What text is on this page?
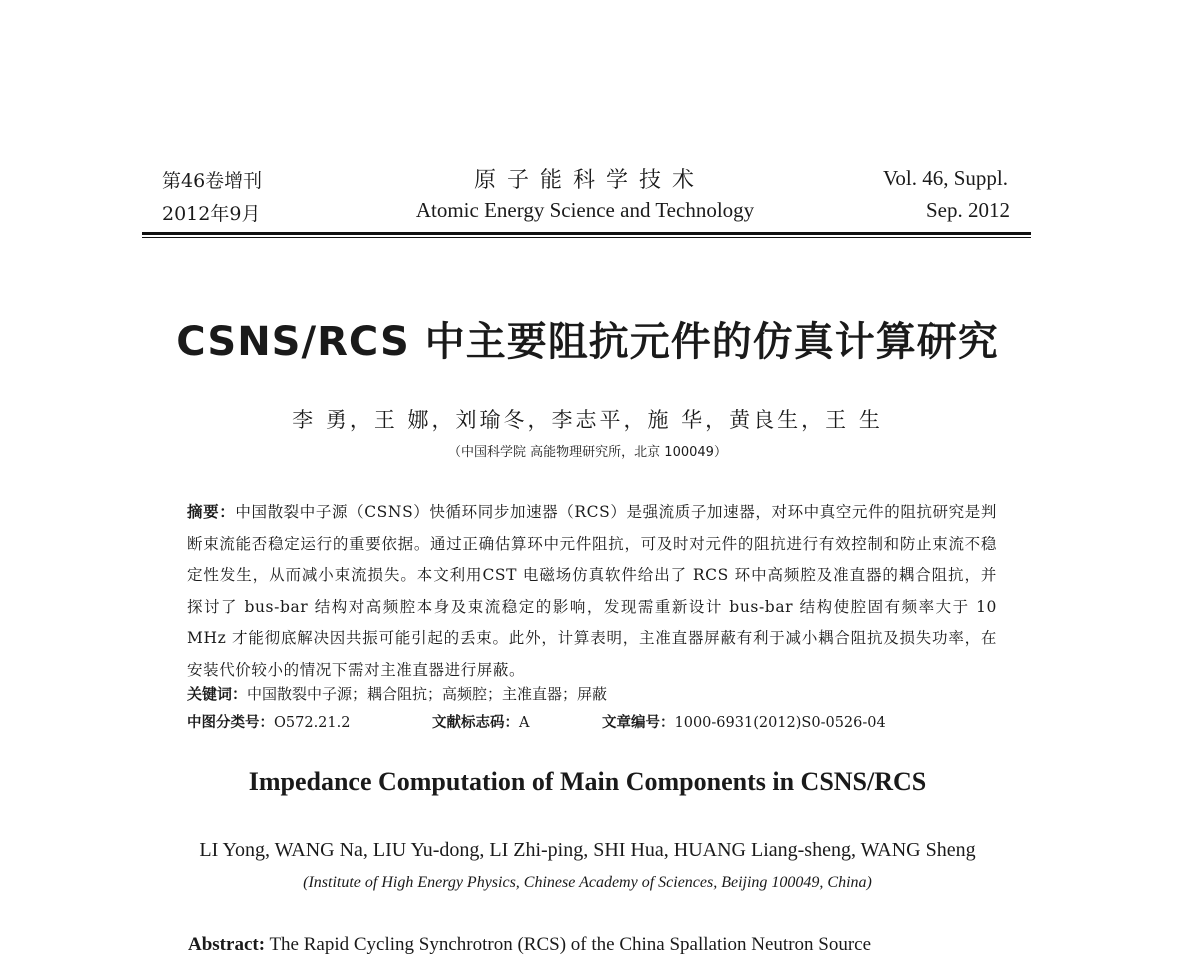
第46卷增刊
2012年9月
原 子 能 科 学 技 术
Atomic Energy Science and Technology
Vol. 46, Suppl.
Sep. 2012
CSNS/RCS 中主要阻抗元件的仿真计算研究
李 勇，王 娜，刘瑜冬，李志平，施 华，黄良生，王 生
（中国科学院 高能物理研究所，北京 100049）
摘要：中国散裂中子源（CSNS）快循环同步加速器（RCS）是强流质子加速器，对环中真空元件的阻抗研究是判断束流能否稳定运行的重要依据。通过正确估算环中元件阻抗，可及时对元件的阻抗进行有效控制和防止束流不稳定性发生，从而减小束流损失。本文利用CST 电磁场仿真软件给出了 RCS 环中高频腔及准直器的耦合阻抗，并探讨了 bus-bar 结构对高频腔本身及束流稳定的影响，发现需重新设计 bus-bar 结构使腔固有频率大于 10 MHz 才能彻底解决因共振可能引起的丢束。此外，计算表明，主准直器屏蔽有利于减小耦合阻抗及损失功率，在安装代价较小的情况下需对主准直器进行屏蔽。
关键词：中国散裂中子源；耦合阻抗；高频腔；主准直器；屏蔽
中图分类号：O572.21.2	文献标志码：A	文章编号：1000-6931(2012)S0-0526-04
Impedance Computation of Main Components in CSNS/RCS
LI Yong, WANG Na, LIU Yu-dong, LI Zhi-ping, SHI Hua, HUANG Liang-sheng, WANG Sheng
(Institute of High Energy Physics, Chinese Academy of Sciences, Beijing 100049, China)
Abstract: The Rapid Cycling Synchrotron (RCS) of the China Spallation Neutron Source
